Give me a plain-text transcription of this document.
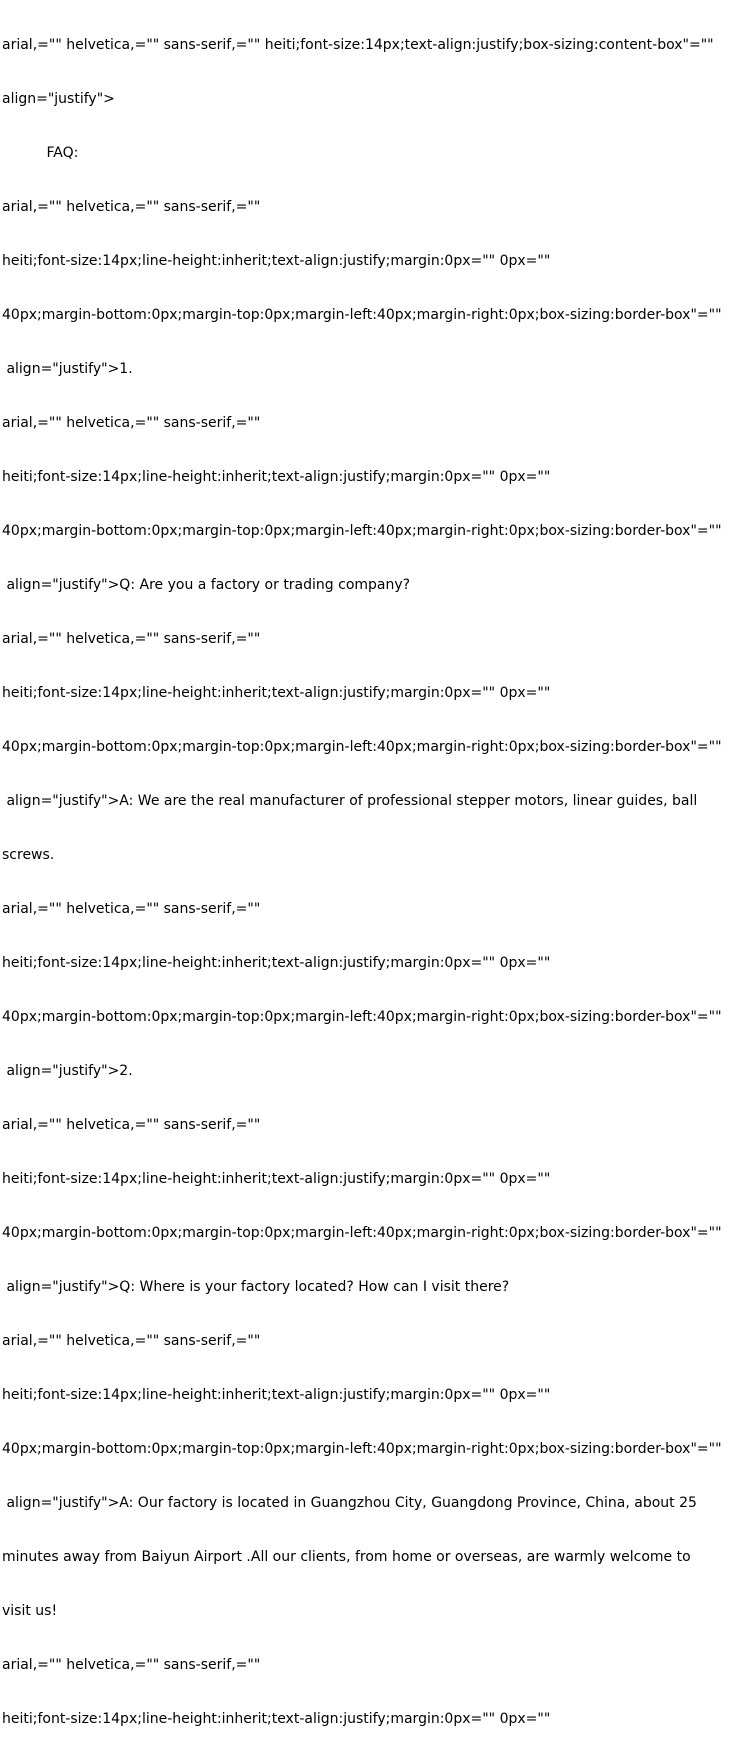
arial,="" helvetica,="" sans-serif,="" heiti;font-size:14px;text-align:justify;box-sizing:content-box"=""

align="justify">

FAQ:

arial,="" helvetica,="" sans-serif,=""

heiti;font-size:14px;line-height:inherit;text-align:justify;margin:0px="" 0px=""

40px;margin-bottom:0px;margin-top:0px;margin-left:40px;margin-right:0px;box-sizing:border-box"=""

align="justify">1.

arial,="" helvetica,="" sans-serif,=""

heiti;font-size:14px;line-height:inherit;text-align:justify;margin:0px="" 0px=""

40px;margin-bottom:0px;margin-top:0px;margin-left:40px;margin-right:0px;box-sizing:border-box"=""

align="justify">Q: Are you a factory or trading company?

arial,="" helvetica,="" sans-serif,=""

heiti;font-size:14px;line-height:inherit;text-align:justify;margin:0px="" 0px=""

40px;margin-bottom:0px;margin-top:0px;margin-left:40px;margin-right:0px;box-sizing:border-box"=""

align="justify">A: We are the real manufacturer of professional stepper motors, linear guides, ball

screws.

arial,="" helvetica,="" sans-serif,=""

heiti;font-size:14px;line-height:inherit;text-align:justify;margin:0px="" 0px=""

40px;margin-bottom:0px;margin-top:0px;margin-left:40px;margin-right:0px;box-sizing:border-box"=""

align="justify">2.

arial,="" helvetica,="" sans-serif,=""

heiti;font-size:14px;line-height:inherit;text-align:justify;margin:0px="" 0px=""

40px;margin-bottom:0px;margin-top:0px;margin-left:40px;margin-right:0px;box-sizing:border-box"=""

align="justify">Q: Where is your factory located? How can I visit there?

arial,="" helvetica,="" sans-serif,=""

heiti;font-size:14px;line-height:inherit;text-align:justify;margin:0px="" 0px=""

40px;margin-bottom:0px;margin-top:0px;margin-left:40px;margin-right:0px;box-sizing:border-box"=""

align="justify">A: Our factory is located in Guangzhou City, Guangdong Province, China, about 25

minutes away from Baiyun Airport .All our clients, from home or overseas, are warmly welcome to

visit us!

arial,="" helvetica,="" sans-serif,=""

heiti;font-size:14px;line-height:inherit;text-align:justify;margin:0px="" 0px=""
